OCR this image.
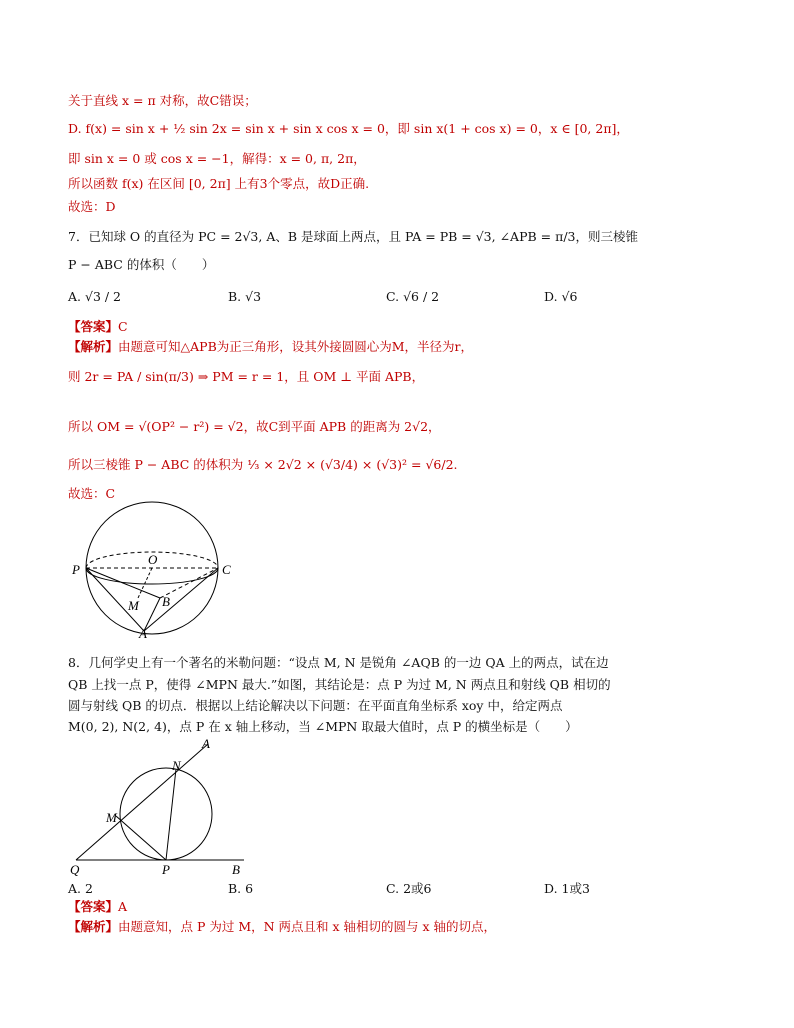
关于直线 x = π 对称，故C错误；
D. f(x) = sin x + ½ sin 2x = sin x + sin x cos x = 0，即 sin x(1 + cos x) = 0，x ∈ [0, 2π]，
即 sin x = 0 或 cos x = −1，解得：x = 0, π, 2π，
所以函数 f(x) 在区间 [0, 2π] 上有3个零点，故D正确.
故选：D
7．已知球 O 的直径为 PC = 2√3, A、B 是球面上两点，且 PA = PB = √3, ∠APB = π/3，则三棱锥
P − ABC 的体积（　　）
A. √3 / 2	B. √3	C. √6 / 2	D. √6
【答案】C
【解析】由题意可知△APB为正三角形，设其外接圆圆心为M，半径为r，
则 2r = PA / sin(π/3) ⇒ PM = r = 1，且 OM ⊥ 平面 APB，
所以 OM = √(OP² − r²) = √2，故C到平面 APB 的距离为 2√2，
所以三棱锥 P − ABC 的体积为 ⅓ × 2√2 × (√3/4) × (√3)² = √6/2.
故选：C
P
O
C
M B
A
8．几何学史上有一个著名的米勒问题：“设点 M, N 是锐角 ∠AQB 的一边 QA 上的两点，试在边
QB 上找一点 P，使得 ∠MPN 最大.”如图，其结论是：点 P 为过 M, N 两点且和射线 QB 相切的
圆与射线 QB 的切点．根据以上结论解决以下问题：在平面直角坐标系 xoy 中，给定两点
M(0, 2), N(2, 4)，点 P 在 x 轴上移动，当 ∠MPN 取最大值时，点 P 的横坐标是（　　）
A
N
M
Q	P	B
A. 2	B. 6	C. 2或6	D. 1或3
【答案】A
【解析】由题意知，点 P 为过 M，N 两点且和 x 轴相切的圆与 x 轴的切点，
